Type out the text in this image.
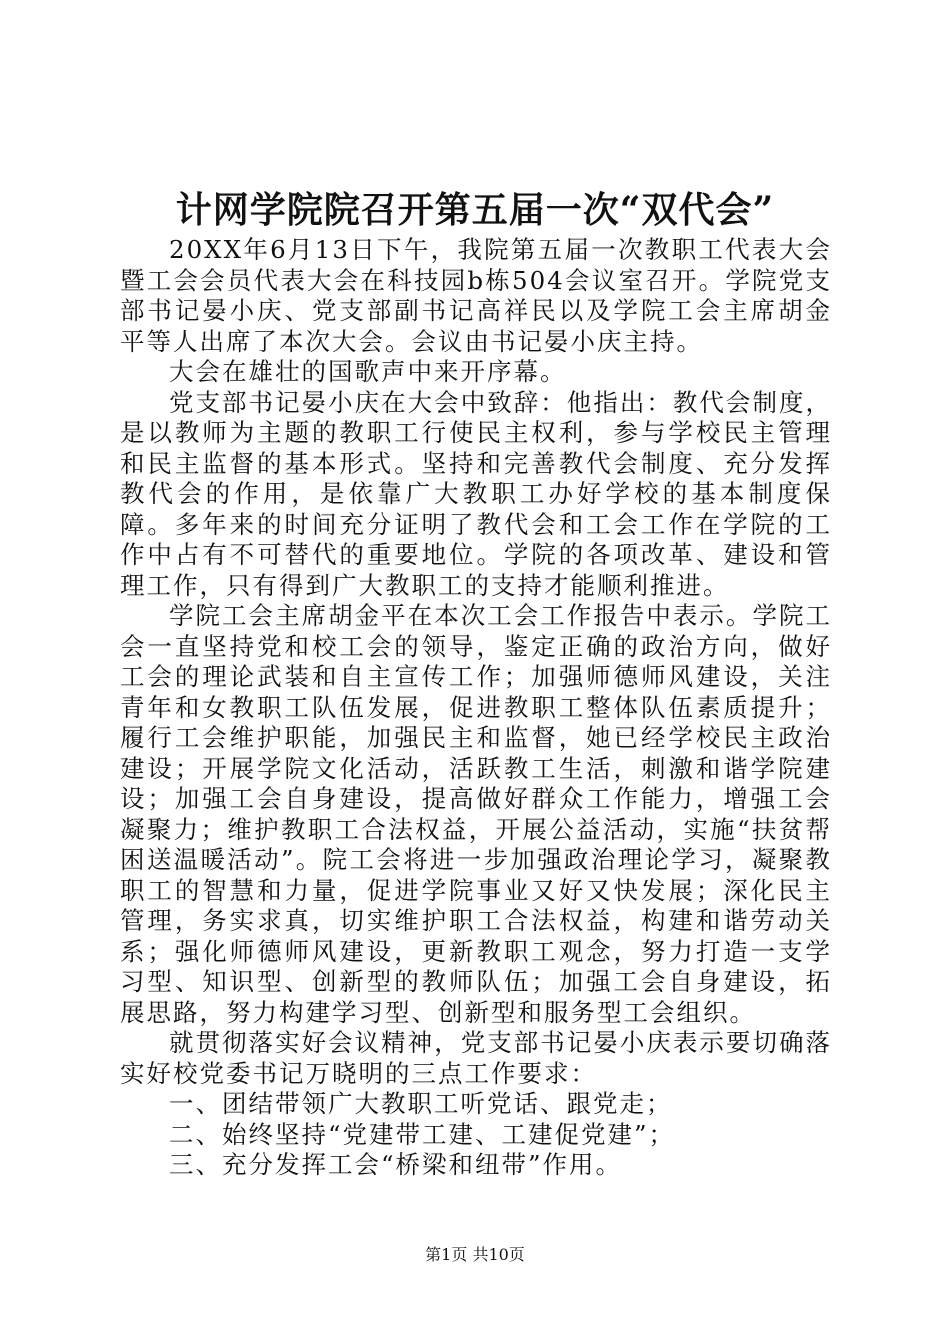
计网学院院召开第五届一次“双代会”

20XX年6月13日下午，我院第五届一次教职工代表大会暨工会会员代表大会在科技园b栋504会议室召开。学院党支部书记晏小庆、党支部副书记高祥民以及学院工会主席胡金平等人出席了本次大会。会议由书记晏小庆主持。

大会在雄壮的国歌声中来开序幕。

党支部书记晏小庆在大会中致辞：他指出：教代会制度，是以教师为主题的教职工行使民主权利，参与学校民主管理和民主监督的基本形式。坚持和完善教代会制度、充分发挥教代会的作用，是依靠广大教职工办好学校的基本制度保障。多年来的时间充分证明了教代会和工会工作在学院的工作中占有不可替代的重要地位。学院的各项改革、建设和管理工作，只有得到广大教职工的支持才能顺利推进。

学院工会主席胡金平在本次工会工作报告中表示。学院工会一直坚持党和校工会的领导，鉴定正确的政治方向，做好工会的理论武装和自主宣传工作；加强师德师风建设，关注青年和女教职工队伍发展，促进教职工整体队伍素质提升；履行工会维护职能，加强民主和监督，她已经学校民主政治建设；开展学院文化活动，活跃教工生活，刺激和谐学院建设；加强工会自身建设，提高做好群众工作能力，增强工会凝聚力；维护教职工合法权益，开展公益活动，实施“扶贫帮困送温暖活动”。院工会将进一步加强政治理论学习，凝聚教职工的智慧和力量，促进学院事业又好又快发展；深化民主管理，务实求真，切实维护职工合法权益，构建和谐劳动关系；强化师德师风建设，更新教职工观念，努力打造一支学习型、知识型、创新型的教师队伍；加强工会自身建设，拓展思路，努力构建学习型、创新型和服务型工会组织。

就贯彻落实好会议精神，党支部书记晏小庆表示要切确落实好校党委书记万晓明的三点工作要求：

一、团结带领广大教职工听党话、跟党走；

二、始终坚持“党建带工建、工建促党建”；

三、充分发挥工会“桥梁和纽带”作用。

第1页 共10页
